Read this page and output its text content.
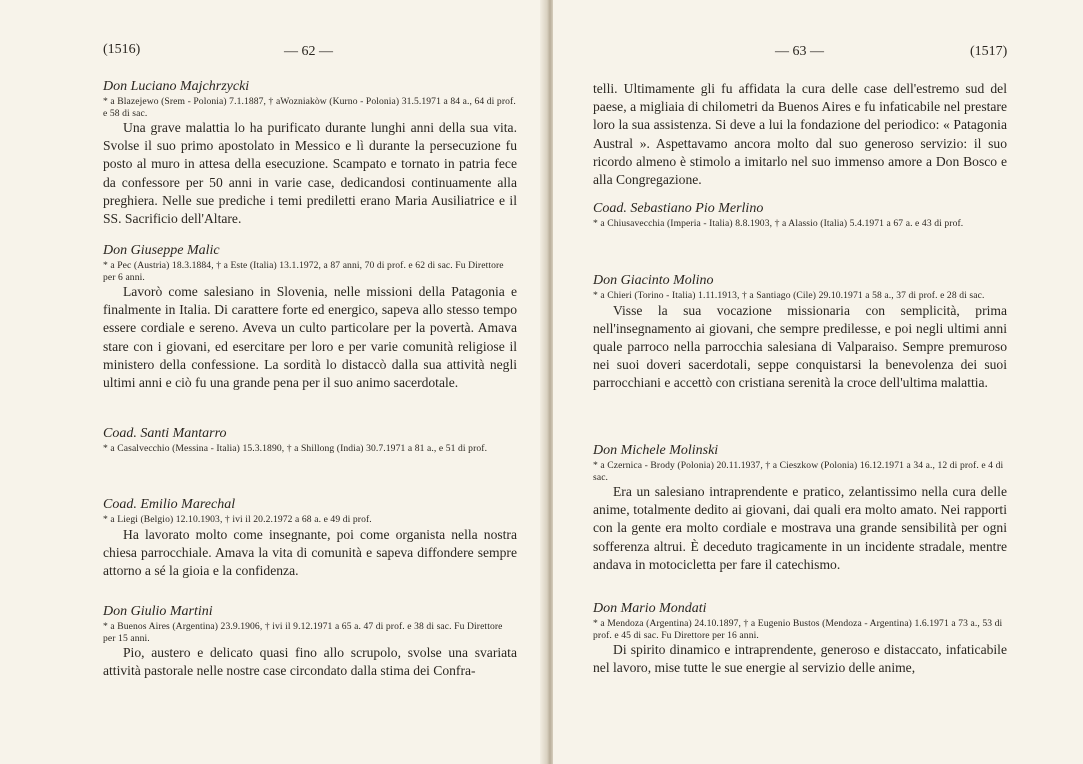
(1516)	— 62 —
Don Luciano Majchrzycki
* a Blazejewo (Srem - Polonia) 7.1.1887, † aWozniakòw (Kurno - Polonia) 31.5.1971 a 84 a., 64 di prof. e 58 di sac.
Una grave malattia lo ha purificato durante lunghi anni della sua vita. Svolse il suo primo apostolato in Messico e lì durante la persecuzione fu posto al muro in attesa della esecuzione. Scampato e tornato in patria fece da confessore per 50 anni in varie case, dedicandosi continuamente alla preghiera. Nelle sue prediche i temi prediletti erano Maria Ausiliatrice e il SS. Sacrificio dell'Altare.
Don Giuseppe Malic
* a Pec (Austria) 18.3.1884, † a Este (Italia) 13.1.1972, a 87 anni, 70 di prof. e 62 di sac. Fu Direttore per 6 anni.
Lavorò come salesiano in Slovenia, nelle missioni della Patagonia e finalmente in Italia. Di carattere forte ed energico, sapeva allo stesso tempo essere cordiale e sereno. Aveva un culto particolare per la povertà. Amava stare con i giovani, ed esercitare per loro e per varie comunità religiose il ministero della confessione. La sordità lo distaccò dalla sua attività negli ultimi anni e ciò fu una grande pena per il suo animo sacerdotale.
Coad. Santi Mantarro
* a Casalvecchio (Messina - Italia) 15.3.1890, † a Shillong (India) 30.7.1971 a 81 a., e 51 di prof.
Coad. Emilio Marechal
* a Liegi (Belgio) 12.10.1903, † ivi il 20.2.1972 a 68 a. e 49 di prof.
Ha lavorato molto come insegnante, poi come organista nella nostra chiesa parrocchiale. Amava la vita di comunità e sapeva diffondere sempre attorno a sé la gioia e la confidenza.
Don Giulio Martini
* a Buenos Aires (Argentina) 23.9.1906, † ivi il 9.12.1971 a 65 a. 47 di prof. e 38 di sac. Fu Direttore per 15 anni.
Pio, austero e delicato quasi fino allo scrupolo, svolse una svariata attività pastorale nelle nostre case circondato dalla stima dei Confra-
— 63 —	(1517)
telli. Ultimamente gli fu affidata la cura delle case dell'estremo sud del paese, a migliaia di chilometri da Buenos Aires e fu infaticabile nel prestare loro la sua assistenza. Si deve a lui la fondazione del periodico: « Patagonia Austral ». Aspettavamo ancora molto dal suo generoso servizio: il suo ricordo almeno è stimolo a imitarlo nel suo immenso amore a Don Bosco e alla Congregazione.
Coad. Sebastiano Pio Merlino
* a Chiusavecchia (Imperia - Italia) 8.8.1903, † a Alassio (Italia) 5.4.1971 a 67 a. e 43 di prof.
Don Giacinto Molino
* a Chieri (Torino - Italia) 1.11.1913, † a Santiago (Cile) 29.10.1971 a 58 a., 37 di prof. e 28 di sac.
Visse la sua vocazione missionaria con semplicità, prima nell'insegnamento ai giovani, che sempre predilesse, e poi negli ultimi anni quale parroco nella parrocchia salesiana di Valparaiso. Sempre premuroso nei suoi doveri sacerdotali, seppe conquistarsi la benevolenza dei suoi parrocchiani e accettò con cristiana serenità la croce dell'ultima malattia.
Don Michele Molinski
* a Czernica - Brody (Polonia) 20.11.1937, † a Cieszkow (Polonia) 16.12.1971 a 34 a., 12 di prof. e 4 di sac.
Era un salesiano intraprendente e pratico, zelantissimo nella cura delle anime, totalmente dedito ai giovani, dai quali era molto amato. Nei rapporti con la gente era molto cordiale e mostrava una grande sensibilità per ogni sofferenza altrui. È deceduto tragicamente in un incidente stradale, mentre andava in motocicletta per fare il catechismo.
Don Mario Mondati
* a Mendoza (Argentina) 24.10.1897, † a Eugenio Bustos (Mendoza - Argentina) 1.6.1971 a 73 a., 53 di prof. e 45 di sac. Fu Direttore per 16 anni.
Di spirito dinamico e intraprendente, generoso e distaccato, infaticabile nel lavoro, mise tutte le sue energie al servizio delle anime,
